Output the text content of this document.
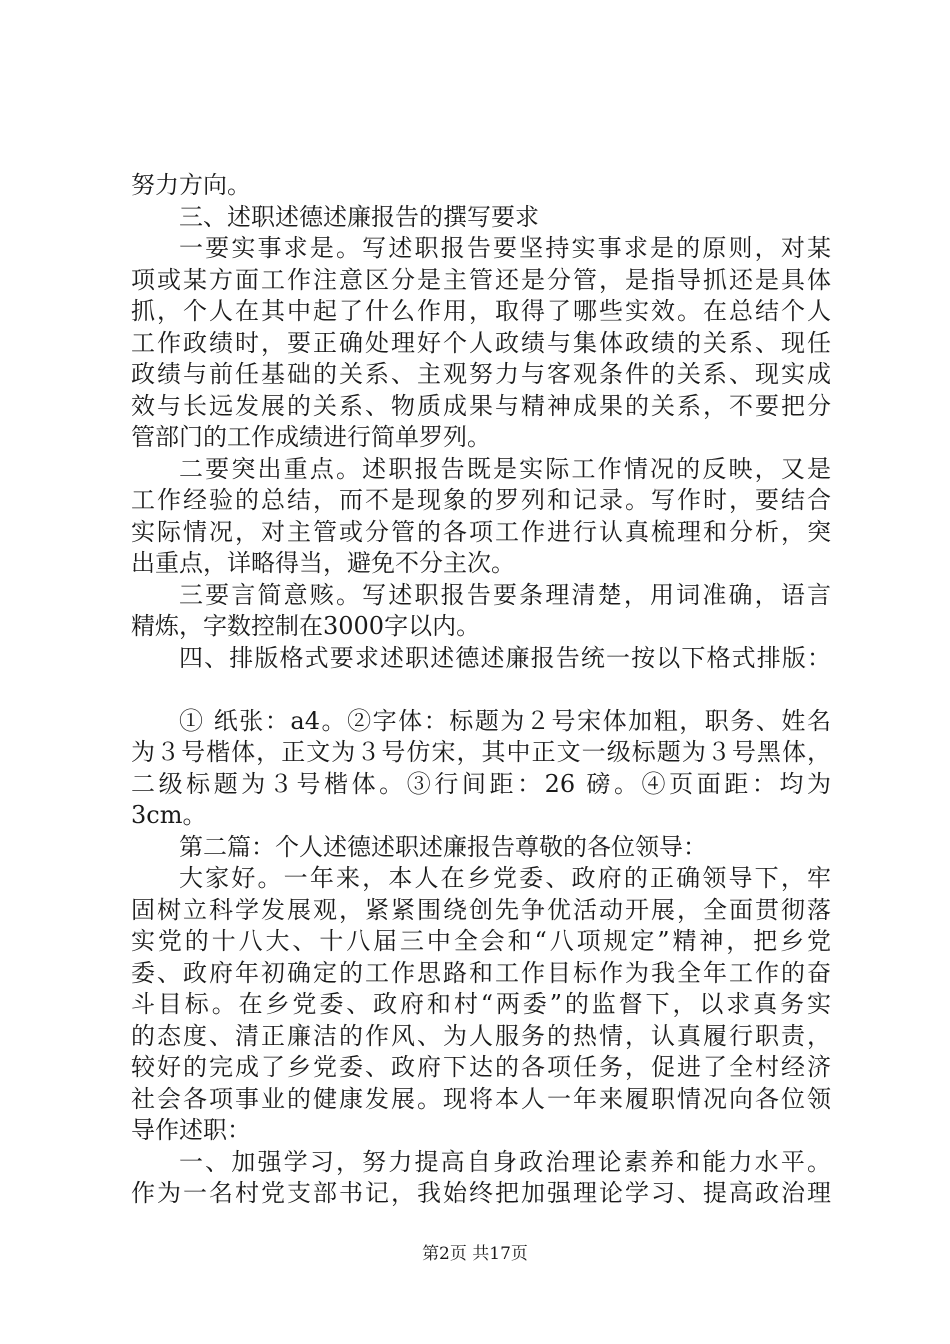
努力方向。
三、述职述德述廉报告的撰写要求
一要实事求是。写述职报告要坚持实事求是的原则，对某
项或某方面工作注意区分是主管还是分管，是指导抓还是具体
抓，个人在其中起了什么作用，取得了哪些实效。在总结个人
工作政绩时，要正确处理好个人政绩与集体政绩的关系、现任
政绩与前任基础的关系、主观努力与客观条件的关系、现实成
效与长远发展的关系、物质成果与精神成果的关系，不要把分
管部门的工作成绩进行简单罗列。
二要突出重点。述职报告既是实际工作情况的反映，又是
工作经验的总结，而不是现象的罗列和记录。写作时，要结合
实际情况，对主管或分管的各项工作进行认真梳理和分析，突
出重点，详略得当，避免不分主次。
三要言简意赅。写述职报告要条理清楚，用词准确，语言
精炼，字数控制在3000字以内。
四、排版格式要求述职述德述廉报告统一按以下格式排版：
① 纸张：a4。②字体：标题为２号宋体加粗，职务、姓名
为３号楷体，正文为３号仿宋，其中正文一级标题为３号黑体，
二级标题为３号楷体。③行间距：26 磅。④页面距：均为
3cm。
第二篇：个人述德述职述廉报告尊敬的各位领导：
大家好。一年来，本人在乡党委、政府的正确领导下，牢
固树立科学发展观，紧紧围绕创先争优活动开展，全面贯彻落
实党的十八大、十八届三中全会和“八项规定”精神，把乡党
委、政府年初确定的工作思路和工作目标作为我全年工作的奋
斗目标。在乡党委、政府和村“两委”的监督下，以求真务实
的态度、清正廉洁的作风、为人服务的热情，认真履行职责，
较好的完成了乡党委、政府下达的各项任务，促进了全村经济
社会各项事业的健康发展。现将本人一年来履职情况向各位领
导作述职：
一、加强学习，努力提高自身政治理论素养和能力水平。
作为一名村党支部书记，我始终把加强理论学习、提高政治理
第2页 共17页
